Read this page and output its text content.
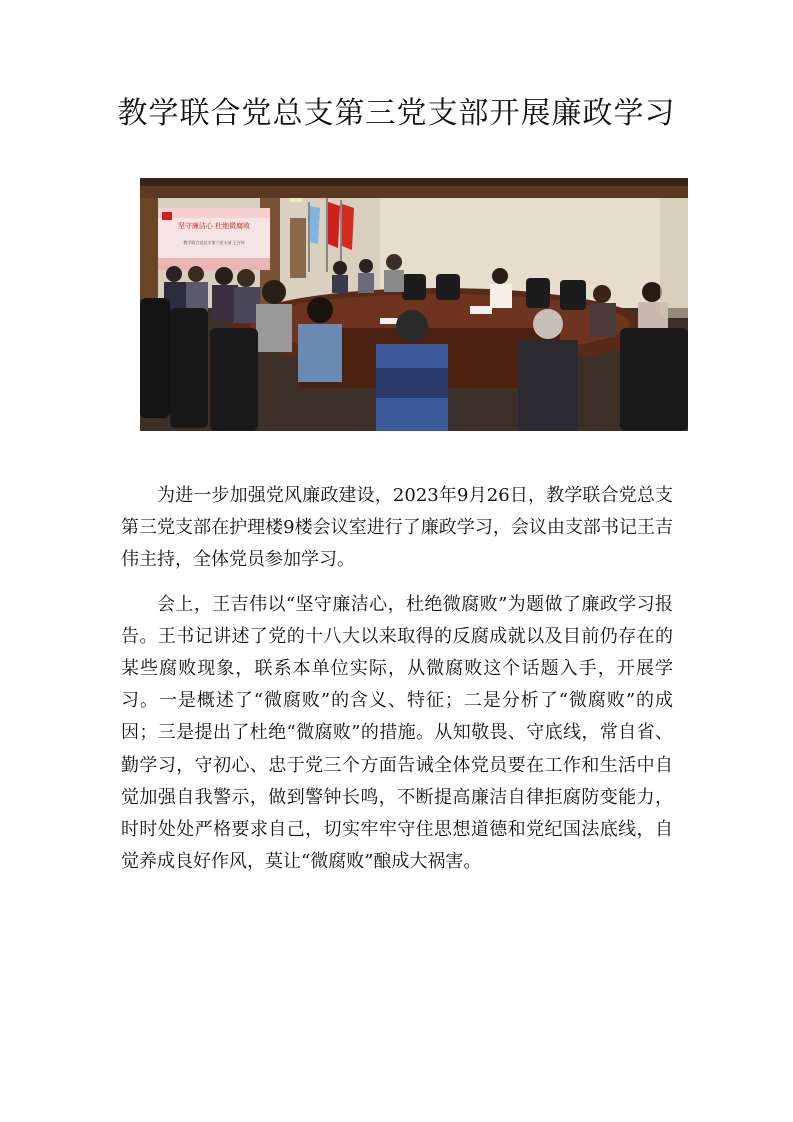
教学联合党总支第三党支部开展廉政学习
坚守廉洁心 杜绝微腐败
教学联合党总支第三党支部 王吉伟

为进一步加强党风廉政建设，2023年9月26日，教学联合党总支第三党支部在护理楼9楼会议室进行了廉政学习，会议由支部书记王吉伟主持，全体党员参加学习。

会上，王吉伟以“坚守廉洁心，杜绝微腐败”为题做了廉政学习报告。王书记讲述了党的十八大以来取得的反腐成就以及目前仍存在的某些腐败现象，联系本单位实际，从微腐败这个话题入手，开展学习。一是概述了“微腐败”的含义、特征；二是分析了“微腐败”的成因；三是提出了杜绝“微腐败”的措施。从知敬畏、守底线，常自省、勤学习，守初心、忠于党三个方面告诫全体党员要在工作和生活中自觉加强自我警示，做到警钟长鸣，不断提高廉洁自律拒腐防变能力，时时处处严格要求自己，切实牢牢守住思想道德和党纪国法底线，自觉养成良好作风，莫让“微腐败”酿成大祸害。
